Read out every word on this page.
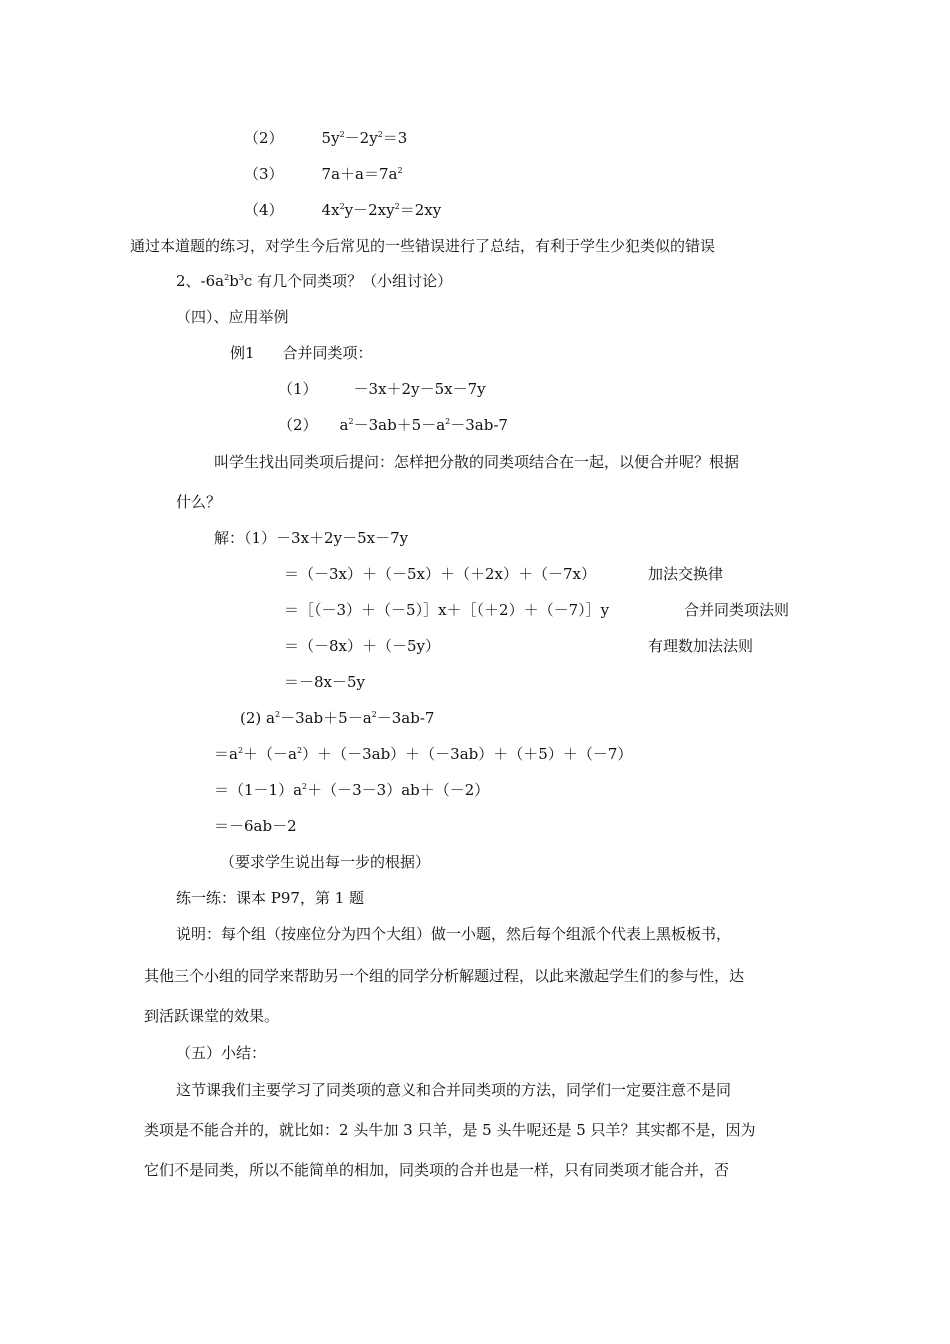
（2）	$5y^2-2y^2=3$
（3）	$7a+a=7a^2$
（4）	$4x^2y-2xy^2=2xy$
通过本道题的练习，对学生今后常见的一些错误进行了总结，有利于学生少犯类似的错误
2、$-6a^2b^3c$ 有几个同类项？（小组讨论）
（四）、应用举例
例1 合并同类项：
（1） －3x＋2y－5x－7y
（2） $a^2-3ab+5-a^2-3ab-7$
叫学生找出同类项后提问：怎样把分散的同类项结合在一起，以便合并呢？根据
什么？
解：（1）－3x＋2y－5x－7y
＝（－3x）＋（－5x）＋（＋2x）＋（－7x）	加法交换律
＝［（－3）＋（－5）］x＋［（＋2）＋（－7）］y	合并同类项法则
＝（－8x）＋（－5y）	有理数加法法则
＝－8x－5y
(2) $a^2-3ab+5-a^2-3ab-7$
$=a^2+(-a^2)+(-3ab)+(-3ab)+(+5)+(-7)$
$=(1-1)a^2+(-3-3)ab+(-2)$
＝－6ab－2
（要求学生说出每一步的根据）
练一练：课本 P97，第 1 题
说明：每个组（按座位分为四个大组）做一小题，然后每个组派个代表上黑板板书，
其他三个小组的同学来帮助另一个组的同学分析解题过程，以此来激起学生们的参与性，达
到活跃课堂的效果。
（五）小结：
这节课我们主要学习了同类项的意义和合并同类项的方法，同学们一定要注意不是同
类项是不能合并的，就比如：2 头牛加 3 只羊，是 5 头牛呢还是 5 只羊？其实都不是，因为
它们不是同类，所以不能简单的相加，同类项的合并也是一样，只有同类项才能合并，否
